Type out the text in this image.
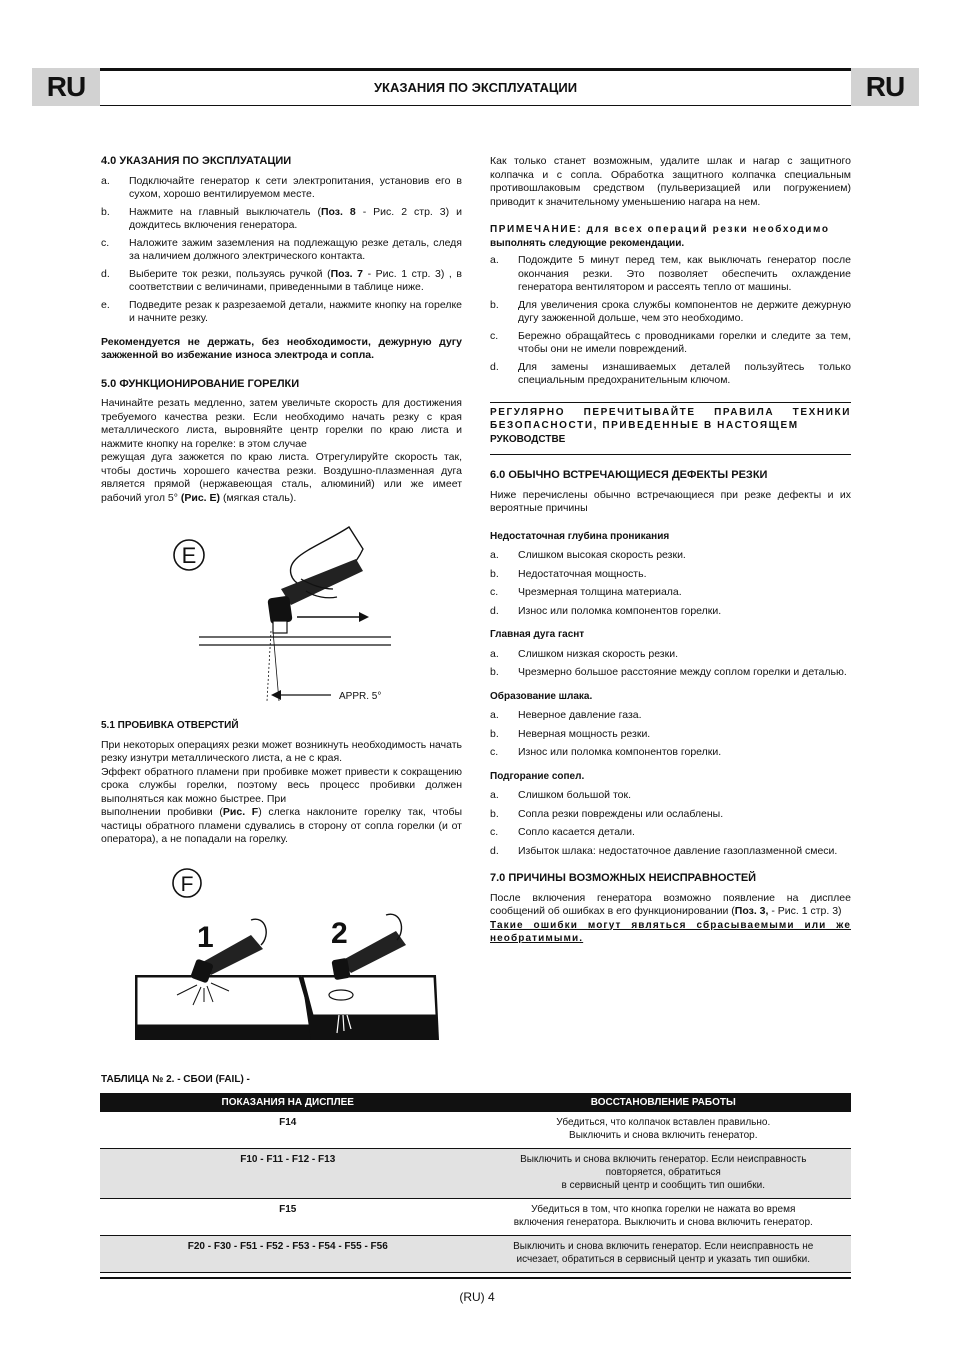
RU	УКАЗАНИЯ ПО ЭКСПЛУАТАЦИИ	RU
4.0 УКАЗАНИЯ ПО ЭКСПЛУАТАЦИИ
a.	Подключайте генератор к сети электропитания, установив его в сухом, хорошо вентилируемом месте.
b.	Нажмите на главный выключатель (Поз. 8 - Рис. 2 стр. 3) и дождитесь включения генератора.
c.	Наложите зажим заземления на подлежащую резке деталь, следя за наличием должного электрического контакта.
d.	Выберите ток резки, пользуясь ручкой (Поз. 7 - Рис. 1 стр. 3) , в соответствии с величинами, приведенными в таблице ниже.
e.	Подведите резак к разрезаемой детали, нажмите кнопку на горелке и начните резку.

Рекомендуется не держать, без необходимости, дежурную дугу зажженной во избежание износа электрода и сопла.

5.0 ФУНКЦИОНИРОВАНИЕ ГОРЕЛКИ

Начинайте резать медленно, затем увеличьте скорость для достижения требуемого качества резки. Если необходимо начать резку с края металлического листа, выровняйте центр горелки по краю листа и нажмите кнопку на горелке: в этом случае

режущая дуга зажжется по краю листа. Отрегулируйте скорость так, чтобы достичь хорошего качества резки. Воздушно-плазменная дуга является прямой (нержавеющая сталь, алюминий) или же имеет рабочий угол 5° (Рис. E) (мягкая сталь).

E
APPR. 5°
5.1 ПРОБИВКА ОТВЕРСТИЙ

При некоторых операциях резки может возникнуть необходимость начать резку изнутри металлического листа, а не с края.

Эффект обратного пламени при пробивке может привести к сокращению срока службы горелки, поэтому весь процесс пробивки должен выполняться как можно быстрее. При

выполнении пробивки (Рис. F) слегка наклоните горелку так, чтобы частицы обратного пламени сдувались в сторону от сопла горелки (и от оператора), а не попадали на горелку.

F
1	2

Как только станет возможным, удалите шлак и нагар с защитного колпачка и с сопла. Обработка защитного колпачка специальным противошлаковым средством (пульверизацией или погружением) приводит к значительному уменьшению нагара на нем.

ПРИМЕЧАНИЕ: для всех операций резки необходимо

выполнять следующие рекомендации.

a.	Подождите 5 минут перед тем, как выключать генератор после окончания резки. Это позволяет обеспечить охлаждение генератора вентилятором и рассеять тепло от машины.
b.	Для увеличения срока службы компонентов не держите дежурную дугу зажженной дольше, чем это необходимо.
c.	Бережно обращайтесь с проводниками горелки и следите за тем, чтобы они не имели повреждений.
d.	Для замены изнашиваемых деталей пользуйтесь только специальным предохранительным ключом.

РЕГУЛЯРНО ПЕРЕЧИТЫВАЙТЕ ПРАВИЛА ТЕХНИКИ БЕЗОПАСНОСТИ, ПРИВЕДЕННЫЕ В НАСТОЯЩЕМ

РУКОВОДСТВЕ

6.0 ОБЫЧНО ВСТРЕЧАЮЩИЕСЯ ДЕФЕКТЫ РЕЗКИ

Ниже перечислены обычно встречающиеся при резке дефекты и их вероятные причины

Недостаточная глубина проникания
a.	Слишком высокая скорость резки.
b.	Недостаточная мощность.
c.	Чрезмерная толщина материала.
d.	Износ или поломка компонентов горелки.
Главная дуга гаснт
a.	Слишком низкая скорость резки.
b.	Чрезмерно большое расстояние между соплом горелки и деталью.
Образование шлака.
a.	Неверное давление газа.
b.	Неверная мощность резки.
c.	Износ или поломка компонентов горелки.
Подгорание сопел.
a.	Слишком большой ток.
b.	Сопла резки повреждены или ослаблены.
c.	Сопло касается детали.
d.	Избыток шлака: недостаточное давление газоплазменной смеси.
7.0 ПРИЧИНЫ ВОЗМОЖНЫХ НЕИСПРАВНОСТЕЙ

После включения генератора возможно появление на дисплее сообщений об ошибках в его функционировании (Поз. 3, - Рис. 1 стр. 3)

Такие ошибки могут являться сбрасываемыми или же необратимыми.

ТАБЛИЦА № 2. - СБОИ (FAIL) -
ПОКАЗАНИЯ НА ДИСПЛЕЕ	ВОССТАНОВЛЕНИЕ РАБОТЫ
F14	Убедиться, что колпачок вставлен правильно.
Выключить и снова включить генератор.

F10 - F11 - F12 - F13	Выключить и снова включить генератор. Если неисправность
повторяется, обратиться
в сервисный центр и сообщить тип ошибки.

F15	Убедиться в том, что кнопка горелки не нажата во время
включения генератора. Выключить и снова включить генератор.

F20 - F30 - F51 - F52 - F53 - F54 - F55 - F56	Выключить и снова включить генератор. Если неисправность не
исчезает, обратиться в сервисный центр и указать тип ошибки.
(RU) 4
